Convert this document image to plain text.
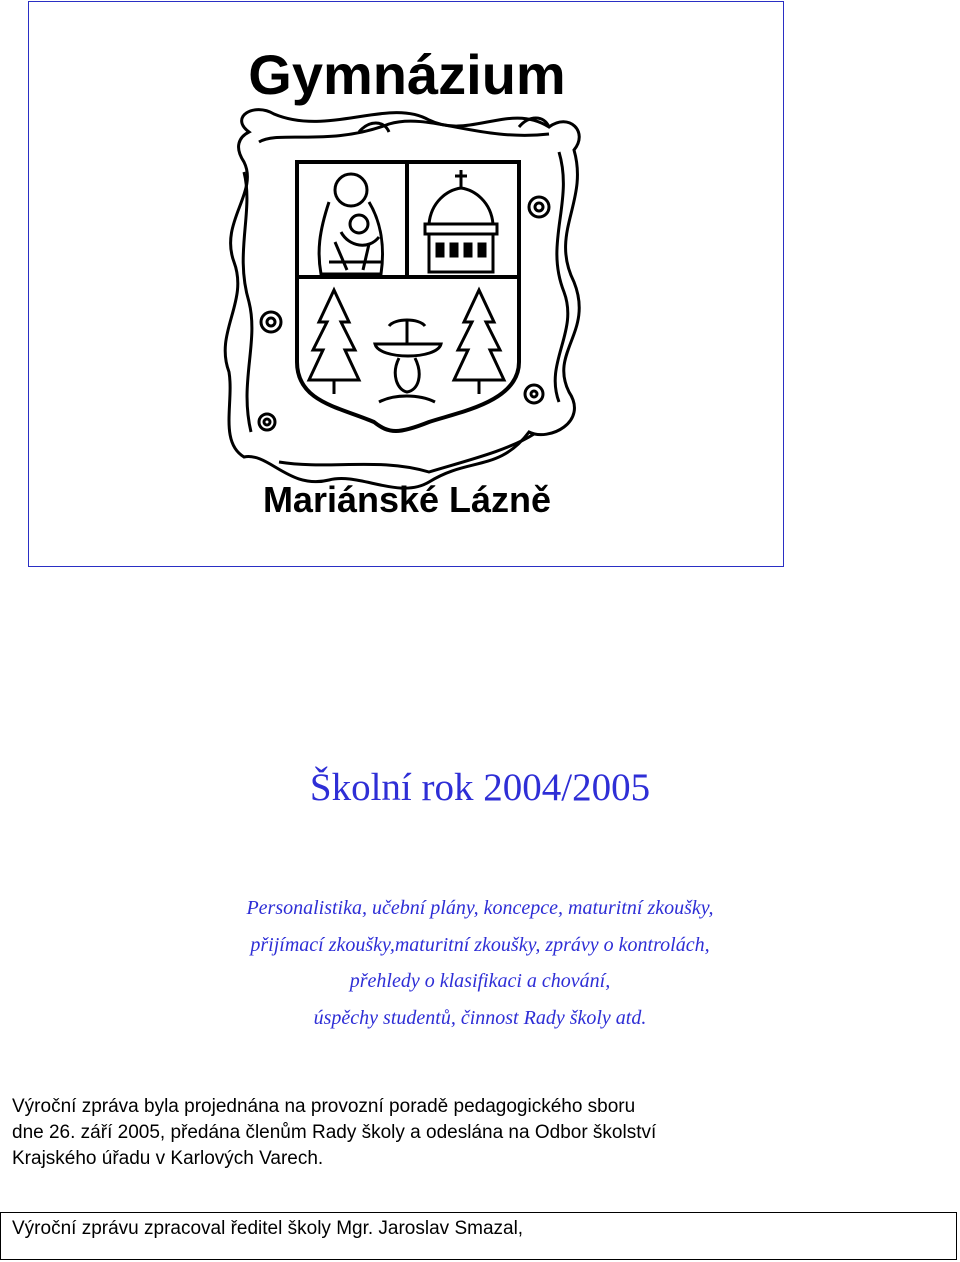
Gymnázium
Mariánské Lázně
Školní rok 2004/2005
Personalistika, učební plány, koncepce, maturitní zkoušky,
přijímací zkoušky,maturitní zkoušky, zprávy o kontrolách,
přehledy o klasifikaci a chování,
úspěchy studentů, činnost Rady školy atd.
Výroční zpráva byla projednána na provozní poradě pedagogického sboru
dne 26. září 2005, předána členům Rady školy a odeslána na Odbor školství
Krajského úřadu v Karlových Varech.
Výroční zprávu zpracoval ředitel školy Mgr. Jaroslav Smazal,
